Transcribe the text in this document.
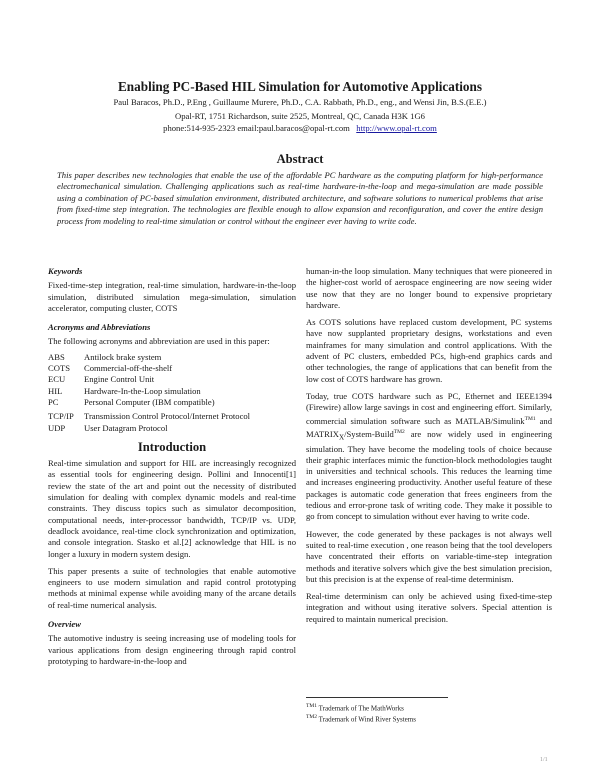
Enabling PC-Based HIL Simulation for Automotive Applications
Paul Baracos, Ph.D., P.Eng , Guillaume Murere, Ph.D., C.A. Rabbath, Ph.D., eng., and Wensi Jin, B.S.(E.E.)
Opal-RT, 1751 Richardson, suite 2525, Montreal, QC, Canada H3K 1G6
phone:514-935-2323 email:paul.baracos@opal-rt.com http://www.opal-rt.com
Abstract
This paper describes new technologies that enable the use of the affordable PC hardware as the computing platform for high-performance electromechanical simulation. Challenging applications such as real-time hardware-in-the-loop and mega-simulation are made possible using a combination of PC-based simulation environment, distributed architecture, and software solutions to numerical problems that arise from fixed-time step integration. The technologies are flexible enough to allow expansion and reconfiguration, and cover the entire design process from modeling to real-time simulation or control without the engineer ever having to write code.
Keywords

Fixed-time-step integration, real-time simulation, hardware-in-the-loop simulation, distributed simulation mega-simulation, simulation accelerator, computing cluster, COTS

Acronyms and Abbreviations

The following acronyms and abbreviation are used in this paper:

ABS	Antilock brake system
COTS	Commercial-off-the-shelf
ECU	Engine Control Unit
HIL	Hardware-In-the-Loop simulation
PC	Personal Computer (IBM compatible)
TCP/IP	Transmission Control Protocol/Internet Protocol
UDP	User Datagram Protocol
Introduction

Real-time simulation and support for HIL are increasingly recognized as essential tools for engineering design. Pollini and Innocenti[1] review the state of the art and point out the necessity of distributed simulation for dealing with complex dynamic models and real-time constraints. They discuss topics such as simulator decomposition, computational needs, inter-processor bandwidth, TCP/IP vs. UDP, deadlock avoidance, real-time clock synchronization and optimization, and console integration. Stasko et al.[2] acknowledge that HIL is no longer a luxury in modern system design.

This paper presents a suite of technologies that enable automotive engineers to use modern simulation and rapid control prototyping methods at minimal expense while avoiding many of the arcane details of real-time numerical analysis.

Overview

The automotive industry is seeing increasing use of modeling tools for various applications from design engineering through rapid control prototyping to hardware-in-the-loop and

human-in-the loop simulation. Many techniques that were pioneered in the higher-cost world of aerospace engineering are now seeing wider use now that they are no longer bound to expensive proprietary hardware.

As COTS solutions have replaced custom development, PC systems have now supplanted proprietary designs, workstations and even mainframes for many simulation and control applications. With the advent of PC clusters, embedded PCs, high-end graphics cards and other technologies, the range of applications that can benefit from the low cost of COTS hardware has grown.

Today, true COTS hardware such as PC, Ethernet and IEEE1394 (Firewire) allow large savings in cost and engineering effort. Similarly, commercial simulation software such as MATLAB/Simulink$^{TM1}$ and $MATRIX_X/System-Build^{TM2}$ are now widely used in engineering simulation. They have become the modeling tools of choice because their graphic interfaces mimic the function-block methodologies taught in universities and technical schools. This reduces the learning time and increases engineering productivity. Another useful feature of these packages is automatic code generation that frees engineers from the tedious and error-prone task of writing code. They make it possible to go from concept to simulation without ever having to write code.

However, the code generated by these packages is not always well suited to real-time execution , one reason being that the tool developers have concentrated their efforts on variable-time-step integration methods and iterative solvers which give the best simulation precision, but this precision is at the expense of real-time determinism.

Real-time determinism can only be achieved using fixed-time-step integration and without using iterative solvers. Special attention is required to maintain numerical precision.

$^{TM1}$ Trademark of The MathWorks
$^{TM2}$ Trademark of Wind River Systems
1/1
